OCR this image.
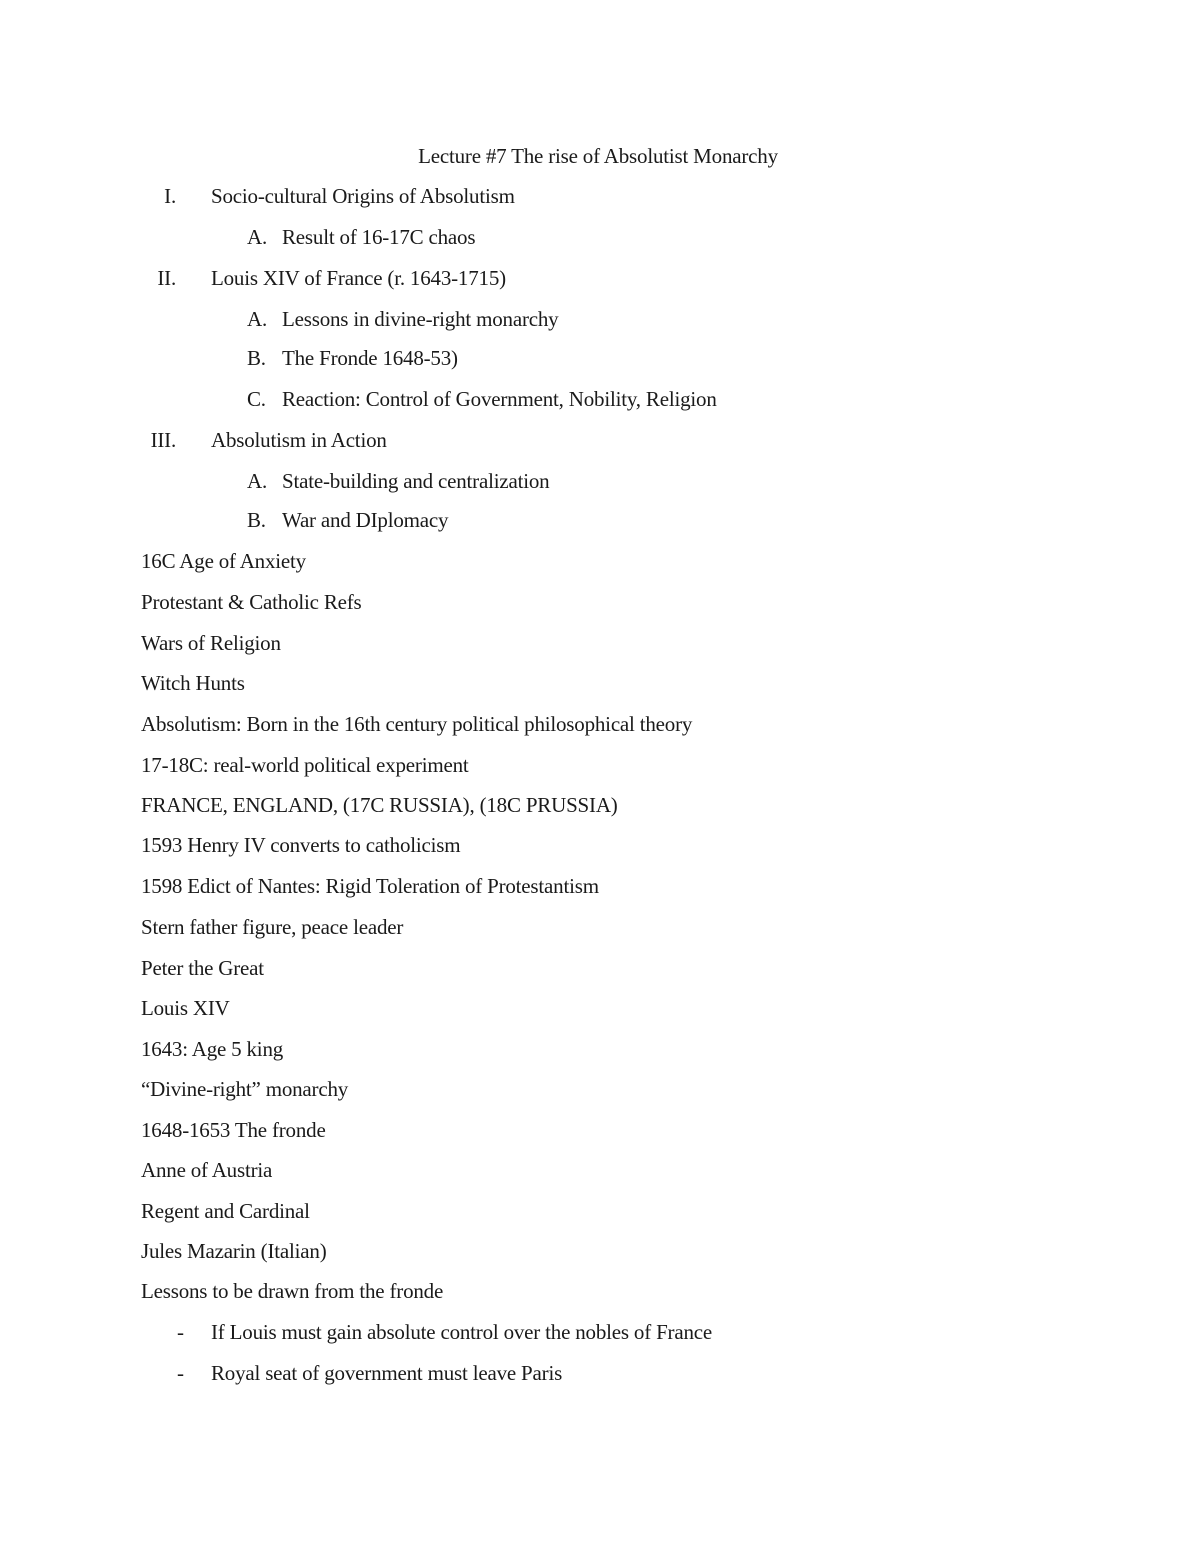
Lecture #7 The rise of Absolutist Monarchy
I. Socio-cultural Origins of Absolutism
A. Result of 16-17C chaos
II. Louis XIV of France (r. 1643-1715)
A. Lessons in divine-right monarchy
B. The Fronde 1648-53)
C. Reaction: Control of Government, Nobility, Religion
III. Absolutism in Action
A. State-building and centralization
B. War and DIplomacy
16C Age of Anxiety
Protestant & Catholic Refs
Wars of Religion
Witch Hunts
Absolutism: Born in the 16th century political philosophical theory
17-18C: real-world political experiment
FRANCE, ENGLAND, (17C RUSSIA), (18C PRUSSIA)
1593 Henry IV converts to catholicism
1598 Edict of Nantes: Rigid Toleration of Protestantism
Stern father figure, peace leader
Peter the Great
Louis XIV
1643: Age 5 king
“Divine-right” monarchy
1648-1653 The fronde
Anne of Austria
Regent and Cardinal
Jules Mazarin (Italian)
Lessons to be drawn from the fronde
- If Louis must gain absolute control over the nobles of France
- Royal seat of government must leave Paris
